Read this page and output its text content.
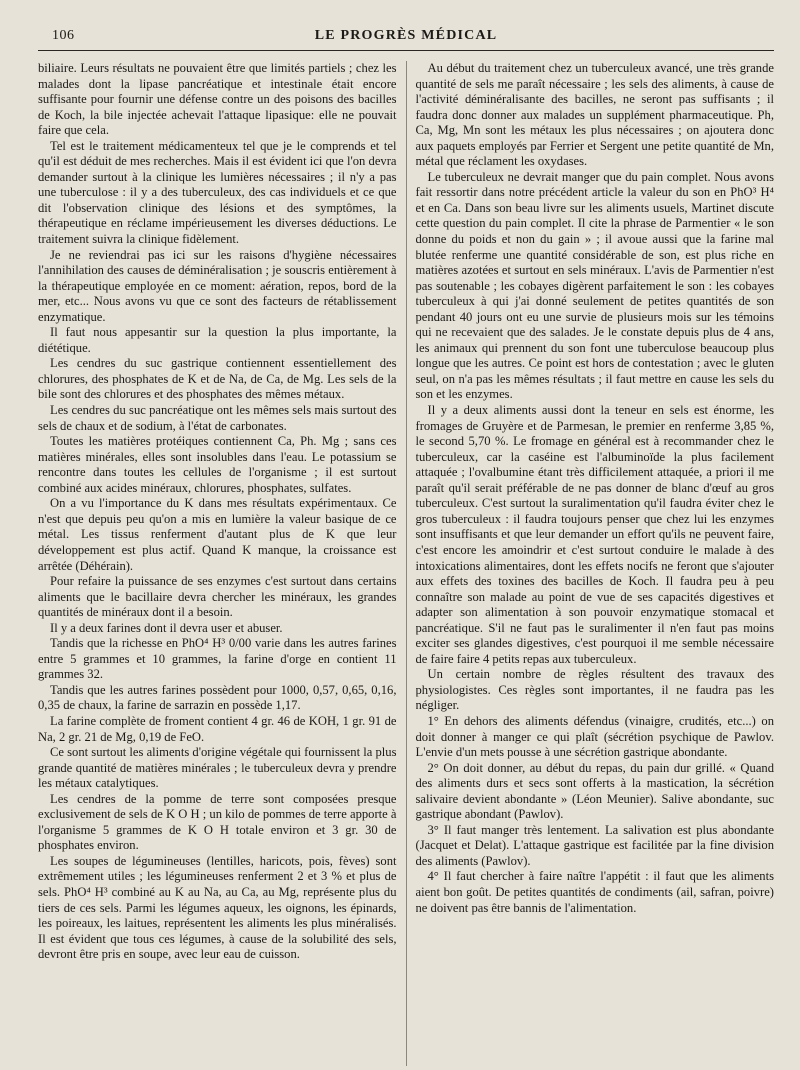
106	LE PROGRÈS MÉDICAL

biliaire. Leurs résultats ne pouvaient être que limités partiels ; chez les malades dont la lipase pancréatique et intestinale était encore suffisante pour fournir une défense contre un des poisons des bacilles de Koch, la bile injectée achevait l'attaque lipasique: elle ne pouvait faire que cela.

Tel est le traitement médicamenteux tel que je le comprends et tel qu'il est déduit de mes recherches. Mais il est évident ici que l'on devra demander surtout à la clinique les lumières nécessaires ; il n'y a pas une tuberculose : il y a des tuberculeux, des cas individuels et ce que dit l'observation clinique des lésions et des symptômes, la thérapeutique en réclame impérieusement les diverses déductions. Le traitement suivra la clinique fidèlement.

Je ne reviendrai pas ici sur les raisons d'hygiène nécessaires l'annihilation des causes de déminéralisation ; je souscris entièrement à la thérapeutique employée en ce moment: aération, repos, bord de la mer, etc... Nous avons vu que ce sont des facteurs de rétablissement enzymatique.

Il faut nous appesantir sur la question la plus importante, la diététique.

Les cendres du suc gastrique contiennent essentiellement des chlorures, des phosphates de K et de Na, de Ca, de Mg. Les sels de la bile sont des chlorures et des phosphates des mêmes métaux.

Les cendres du suc pancréatique ont les mêmes sels mais surtout des sels de chaux et de sodium, à l'état de carbonates.

Toutes les matières protéiques contiennent Ca, Ph. Mg ; sans ces matières minérales, elles sont insolubles dans l'eau. Le potassium se rencontre dans toutes les cellules de l'organisme ; il est surtout combiné aux acides minéraux, chlorures, phosphates, sulfates.

On a vu l'importance du K dans mes résultats expérimentaux. Ce n'est que depuis peu qu'on a mis en lumière la valeur basique de ce métal. Les tissus renferment d'autant plus de K que leur développement est plus actif. Quand K manque, la croissance est arrêtée (Déhérain).

Pour refaire la puissance de ses enzymes c'est surtout dans certains aliments que le bacillaire devra chercher les minéraux, les grandes quantités de minéraux dont il a besoin.

Il y a deux farines dont il devra user et abuser.

Tandis que la richesse en PhO⁴ H³ 0/00 varie dans les autres farines entre 5 grammes et 10 grammes, la farine d'orge en contient 11 grammes 32.

Tandis que les autres farines possèdent pour 1000, 0,57, 0,65, 0,16, 0,35 de chaux, la farine de sarrazin en possède 1,17.

La farine complète de froment contient 4 gr. 46 de KOH, 1 gr. 91 de Na, 2 gr. 21 de Mg, 0,19 de FeO.

Ce sont surtout les aliments d'origine végétale qui fournissent la plus grande quantité de matières minérales ; le tuberculeux devra y prendre les métaux catalytiques.

Les cendres de la pomme de terre sont composées presque exclusivement de sels de K O H ; un kilo de pommes de terre apporte à l'organisme 5 grammes de K O H totale environ et 3 gr. 30 de phosphates environ.

Les soupes de légumineuses (lentilles, haricots, pois, fèves) sont extrêmement utiles ; les légumineuses renferment 2 et 3 % et plus de sels. PhO⁴ H³ combiné au K au Na, au Ca, au Mg, représente plus du tiers de ces sels. Parmi les légumes aqueux, les oignons, les épinards, les poireaux, les laitues, représentent les aliments les plus minéralisés. Il est évident que tous ces légumes, à cause de la solubilité des sels, devront être pris en soupe, avec leur eau de cuisson.

Au début du traitement chez un tuberculeux avancé, une très grande quantité de sels me paraît nécessaire ; les sels des aliments, à cause de l'activité déminéralisante des bacilles, ne seront pas suffisants ; il faudra donc donner aux malades un supplément pharmaceutique. Ph, Ca, Mg, Mn sont les métaux les plus nécessaires ; on ajoutera donc aux paquets employés par Ferrier et Sergent une petite quantité de Mn, métal que réclament les oxydases.

Le tuberculeux ne devrait manger que du pain complet. Nous avons fait ressortir dans notre précédent article la valeur du son en PhO³ H⁴ et en Ca. Dans son beau livre sur les aliments usuels, Martinet discute cette question du pain complet. Il cite la phrase de Parmentier « le son donne du poids et non du gain » ; il avoue aussi que la farine mal blutée renferme une quantité considérable de son, est plus riche en matières azotées et surtout en sels minéraux. L'avis de Parmentier n'est pas soutenable ; les cobayes digèrent parfaitement le son : les cobayes tuberculeux à qui j'ai donné seulement de petites quantités de son pendant 40 jours ont eu une survie de plusieurs mois sur les témoins qui ne recevaient que des salades. Je le constate depuis plus de 4 ans, les animaux qui prennent du son font une tuberculose beaucoup plus longue que les autres. Ce point est hors de contestation ; avec le gluten seul, on n'a pas les mêmes résultats ; il faut mettre en cause les sels du son et les enzymes.

Il y a deux aliments aussi dont la teneur en sels est énorme, les fromages de Gruyère et de Parmesan, le premier en renferme 3,85 %, le second 5,70 %. Le fromage en général est à recommander chez le tuberculeux, car la caséine est l'albuminoïde la plus facilement attaquée ; l'ovalbumine étant très difficilement attaquée, a priori il me paraît qu'il serait préférable de ne pas donner de blanc d'œuf au gros tuberculeux. C'est surtout la suralimentation qu'il faudra éviter chez le gros tuberculeux : il faudra toujours penser que chez lui les enzymes sont insuffisants et que leur demander un effort qu'ils ne peuvent faire, c'est encore les amoindrir et c'est surtout conduire le malade à des intoxications alimentaires, dont les effets nocifs ne feront que s'ajouter aux effets des toxines des bacilles de Koch. Il faudra peu à peu connaître son malade au point de vue de ses capacités digestives et adapter son alimentation à son pouvoir enzymatique stomacal et pancréatique. S'il ne faut pas le suralimenter il n'en faut pas moins exciter ses glandes digestives, c'est pourquoi il me semble nécessaire de faire faire 4 petits repas aux tuberculeux.

Un certain nombre de règles résultent des travaux des physiologistes. Ces règles sont importantes, il ne faudra pas les négliger.

1° En dehors des aliments défendus (vinaigre, crudités, etc...) on doit donner à manger ce qui plaît (sécrétion psychique de Pawlov. L'envie d'un mets pousse à une sécrétion gastrique abondante.

2° On doit donner, au début du repas, du pain dur grillé. « Quand des aliments durs et secs sont offerts à la mastication, la sécrétion salivaire devient abondante » (Léon Meunier). Salive abondante, suc gastrique abondant (Pawlov).

3° Il faut manger très lentement. La salivation est plus abondante (Jacquet et Delat). L'attaque gastrique est facilitée par la fine division des aliments (Pawlov).

4° Il faut chercher à faire naître l'appétit : il faut que les aliments aient bon goût. De petites quantités de condiments (ail, safran, poivre) ne doivent pas être bannis de l'alimentation.
